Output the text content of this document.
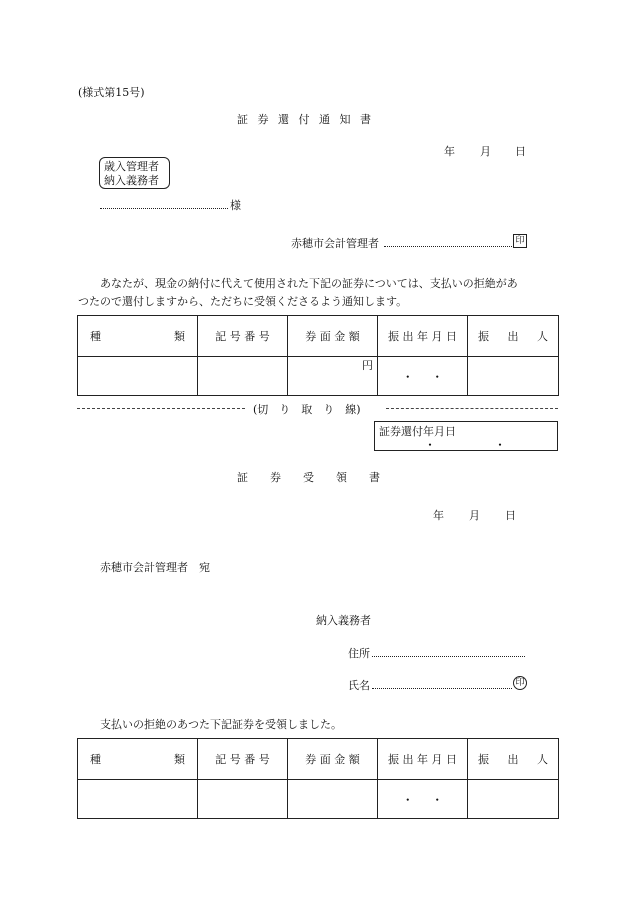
(様式第15号)
証 券 還 付 通 知 書
年 月 日
歳入管理者
納入義務者
様
赤穂市会計管理者	印
あなたが、現金の納付に代えて使用された下記の証券については、支払いの拒絶があ
つたので還付しますから、ただちに受領くださるよう通知します。
種 類	記 号 番 号	券 面 金 額	振 出 年 月 日	振 出 人

		円	・ ・	
(切　り　取　り　線)
証券還付年月日
・	・
証　　券　　受　　領　　書
年 月 日
赤穂市会計管理者　宛
納入義務者
住所
氏名	印
支払いの拒絶のあつた下記証券を受領しました。
種 類	記 号 番 号	券 面 金 額	振 出 年 月 日	振 出 人

			・ ・	
